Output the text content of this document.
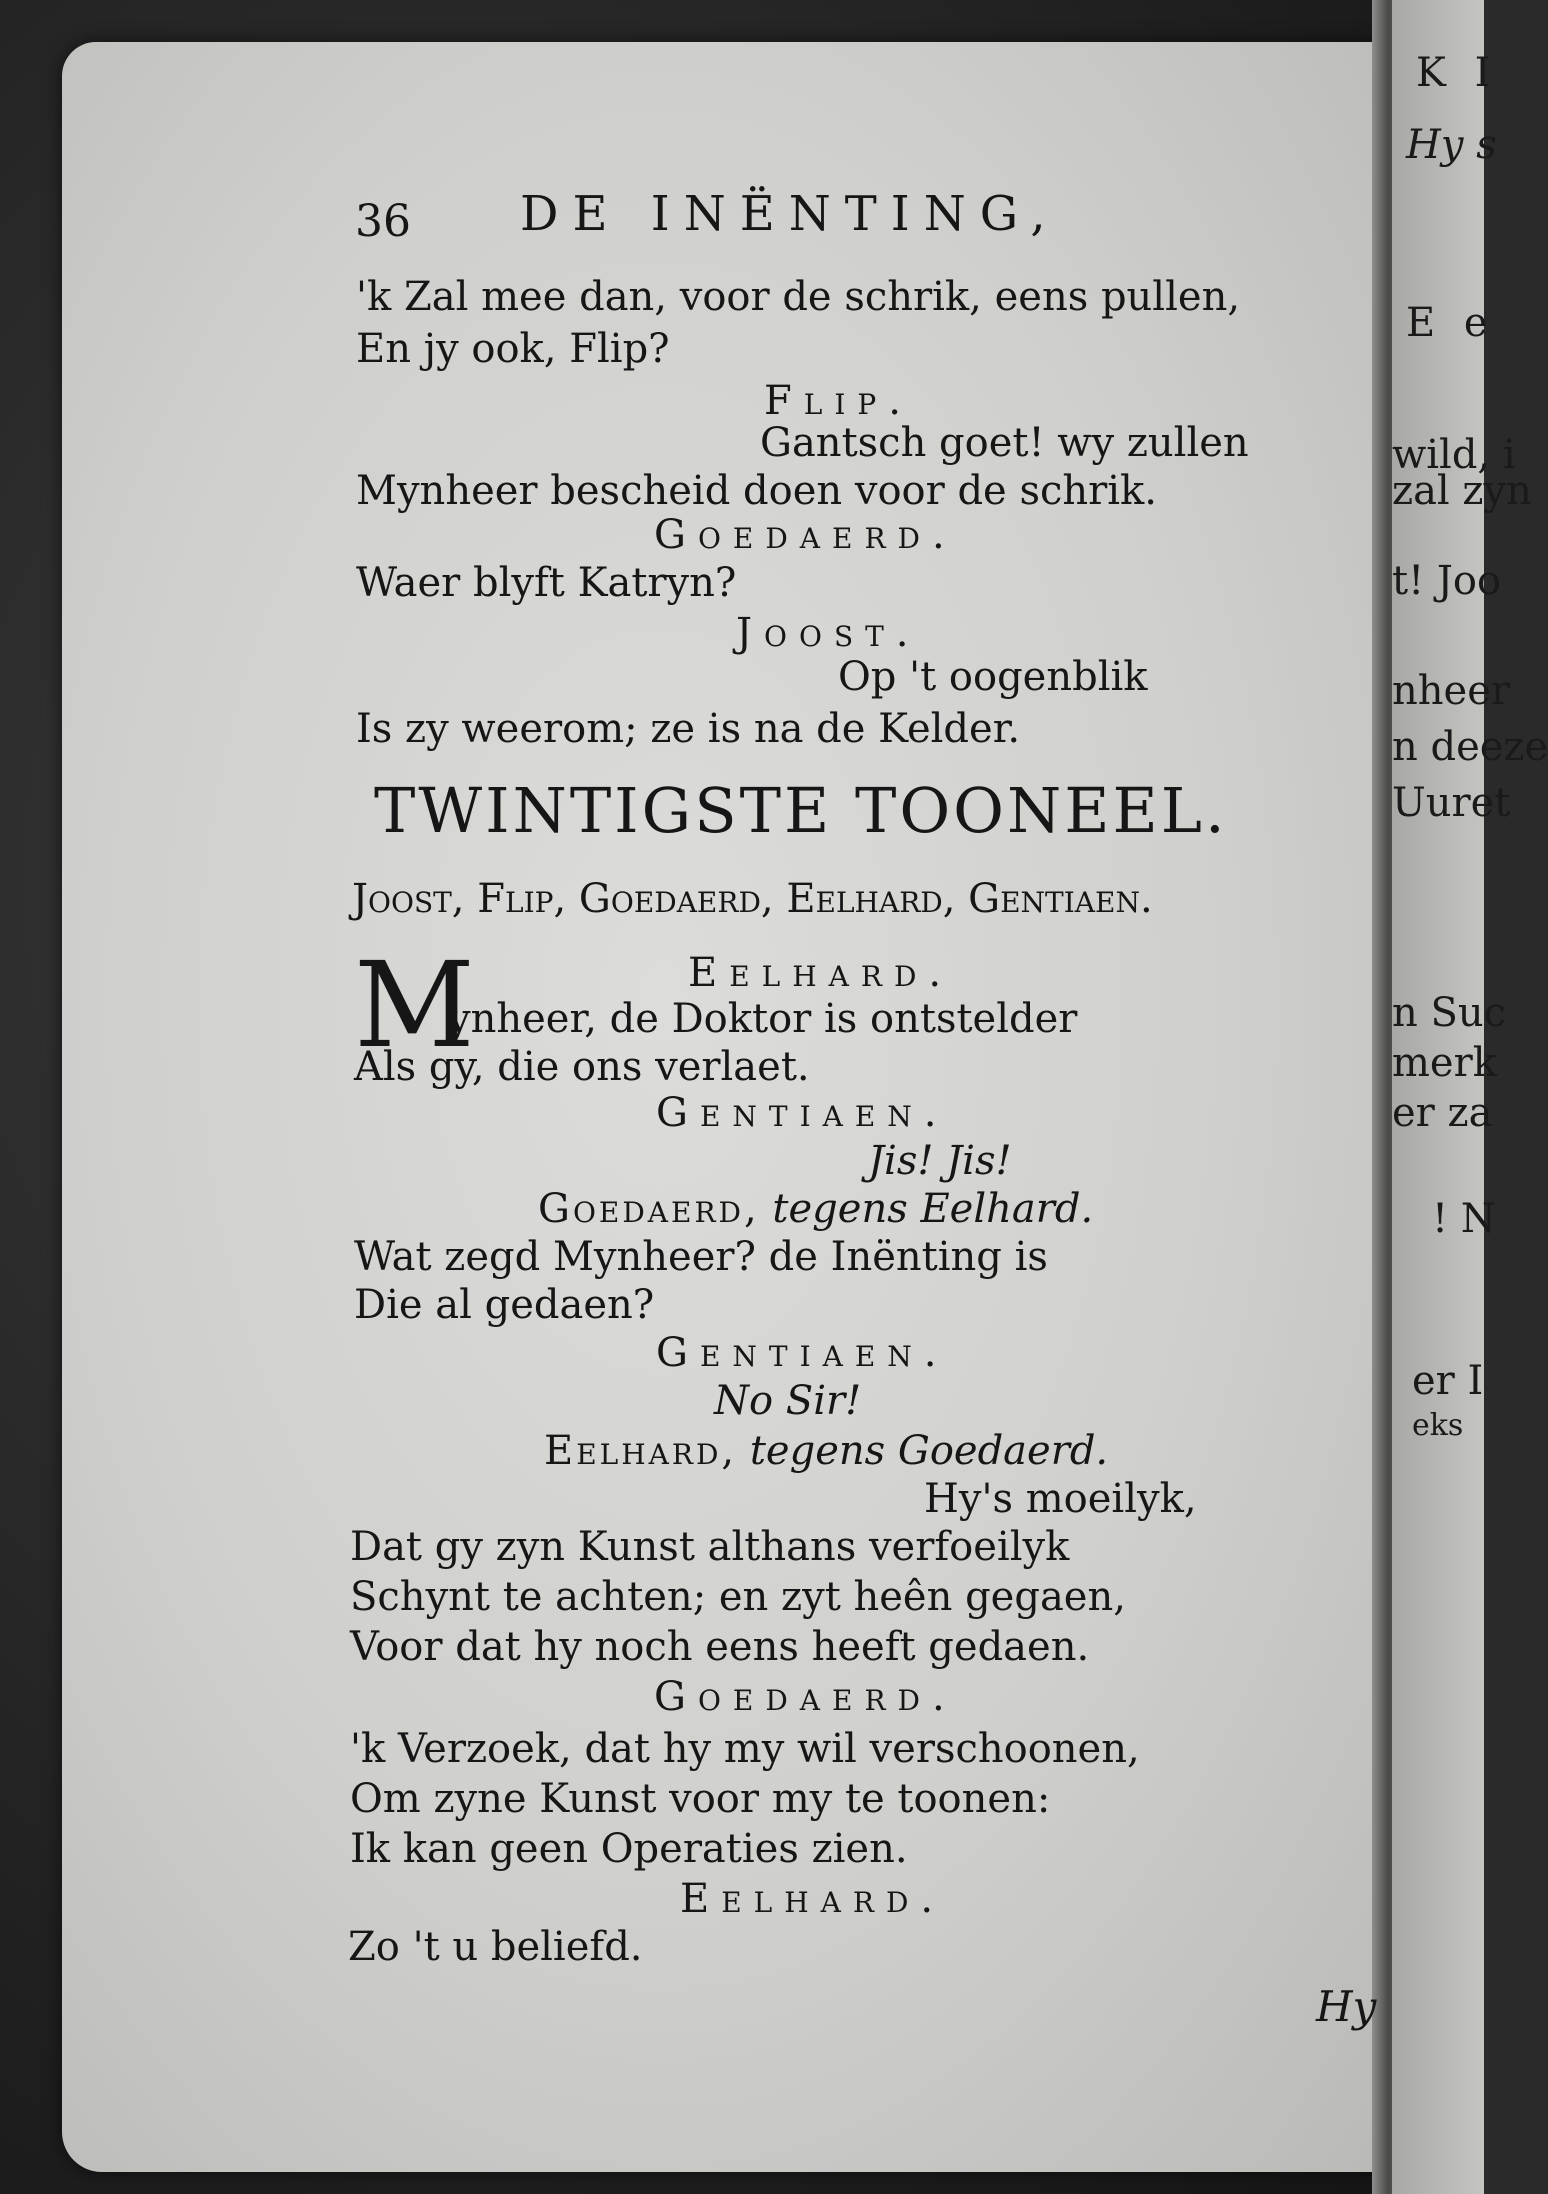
K I
Hy s
E e
wild, i
zal zyn
t! Joo
nheer
n deeze
Uuret
n Suc
merk
er za
! N
er I
eks
36 DE INËNTING,
'k Zal mee dan, voor de schrik, eens pullen,
En jy ook, Flip?
Flip.
Gantsch goet! wy zullen
Mynheer bescheid doen voor de schrik.
Goedaerd.
Waer blyft Katryn?
Joost.
Op 't oogenblik
Is zy weerom; ze is na de Kelder.
TWINTIGSTE TOONEEL.
Joost, Flip, Goedaerd, Eelhard, Gentiaen.
Eelhard.
M
ynheer, de Doktor is ontstelder
Als gy, die ons verlaet.
Gentiaen.
Jis! Jis!
Goedaerd, tegens Eelhard.
Wat zegd Mynheer? de Inënting is
Die al gedaen?
Gentiaen.
No Sir!
Eelhard, tegens Goedaerd.
Hy's moeilyk,
Dat gy zyn Kunst althans verfoeilyk
Schynt te achten; en zyt heên gegaen,
Voor dat hy noch eens heeft gedaen.
Goedaerd.
'k Verzoek, dat hy my wil verschoonen,
Om zyne Kunst voor my te toonen:
Ik kan geen Operaties zien.
Eelhard.
Zo 't u beliefd.
Hy
